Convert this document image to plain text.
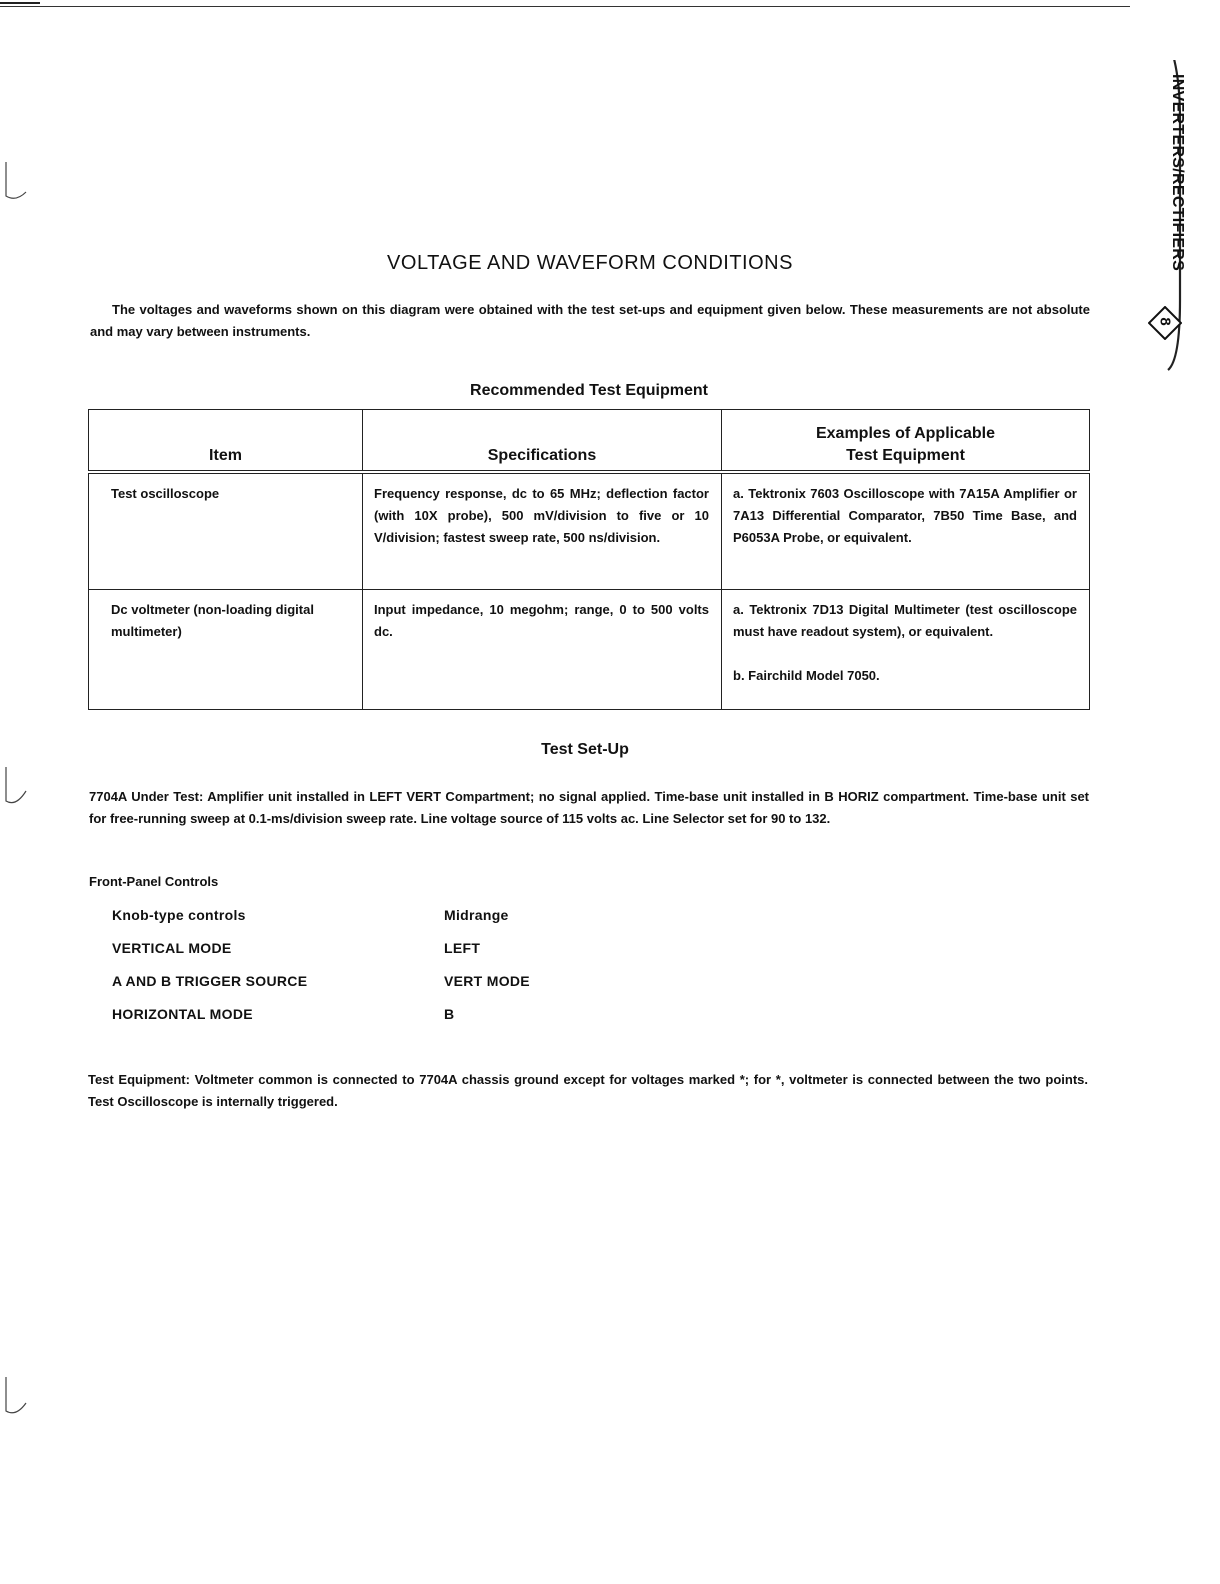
INVERTERS/RECTIFIERS
8
VOLTAGE AND WAVEFORM CONDITIONS
The voltages and waveforms shown on this diagram were obtained with the test set-ups and equipment given below. These measurements are not absolute and may vary between instruments.
Recommended Test Equipment
Item	Specifications	Examples of Applicable
Test Equipment

Test oscilloscope	Frequency response, dc to 65 MHz; deflection factor (with 10X probe), 500 mV/division to five or 10 V/division; fastest sweep rate, 500 ns/division.	a. Tektronix 7603 Oscilloscope with 7A15A Amplifier or 7A13 Differential Comparator, 7B50 Time Base, and P6053A Probe, or equivalent.

Dc voltmeter (non-loading digital multimeter)	Input impedance, 10 megohm; range, 0 to 500 volts dc.	a. Tektronix 7D13 Digital Multimeter (test oscilloscope must have readout system), or equivalent.
b. Fairchild Model 7050.
Test Set-Up
7704A Under Test: Amplifier unit installed in LEFT VERT Compartment; no signal applied. Time-base unit installed in B HORIZ compartment. Time-base unit set for free-running sweep at 0.1-ms/division sweep rate. Line voltage source of 115 volts ac. Line Selector set for 90 to 132.
Front-Panel Controls
Knob-type controls	Midrange
VERTICAL MODE	LEFT
A AND B TRIGGER SOURCE	VERT MODE
HORIZONTAL MODE	B
Test Equipment: Voltmeter common is connected to 7704A chassis ground except for voltages marked *; for *, voltmeter is connected between the two points. Test Oscilloscope is internally triggered.
